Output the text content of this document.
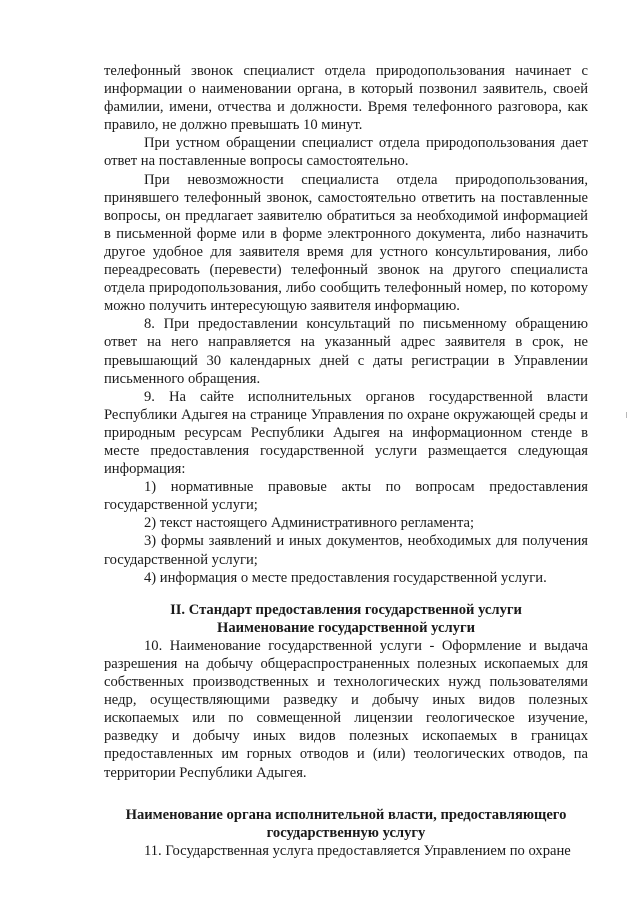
телефонный звонок специалист отдела природопользования начинает с информации о наименовании органа, в который позвонил заявитель, своей фамилии, имени, отчества и должности. Время телефонного разговора, как правило, не должно превышать 10 минут.

При устном обращении специалист отдела природопользования дает ответ на поставленные вопросы самостоятельно.

При невозможности специалиста отдела природопользования, принявшего телефонный звонок, самостоятельно ответить на поставленные вопросы, он предлагает заявителю обратиться за необходимой информацией в письменной форме или в форме электронного документа, либо назначить другое удобное для заявителя время для устного консультирования, либо переадресовать (перевести) телефонный звонок на другого специалиста отдела природопользования, либо сообщить телефонный номер, по которому можно получить интересующую заявителя информацию.

8. При предоставлении консультаций по письменному обращению ответ на него направляется на указанный адрес заявителя в срок, не превышающий 30 календарных дней с даты регистрации в Управлении письменного обращения.

9. На сайте исполнительных органов государственной власти Республики Адыгея на странице Управления по охране окружающей среды и природным ресурсам Республики Адыгея на информационном стенде в месте предоставления государственной услуги размещается следующая информация:

1) нормативные правовые акты по вопросам предоставления государственной услуги;

2) текст настоящего Административного регламента;

3) формы заявлений и иных документов, необходимых для получения государственной услуги;

4) информация о месте предоставления государственной услуги.

II. Стандарт предоставления государственной услуги

Наименование государственной услуги

10. Наименование государственной услуги - Оформление и выдача разрешения на добычу общераспространенных полезных ископаемых для собственных производственных и технологических нужд пользователями недр, осуществляющими разведку и добычу иных видов полезных ископаемых или по совмещенной лицензии геологическое изучение, разведку и добычу иных видов полезных ископаемых в границах предоставленных им горных отводов и (или) теологических отводов, па территории Республики Адыгея.

Наименование органа исполнительной власти, предоставляющего государственную услугу

11. Государственная услуга предоставляется Управлением по охране
